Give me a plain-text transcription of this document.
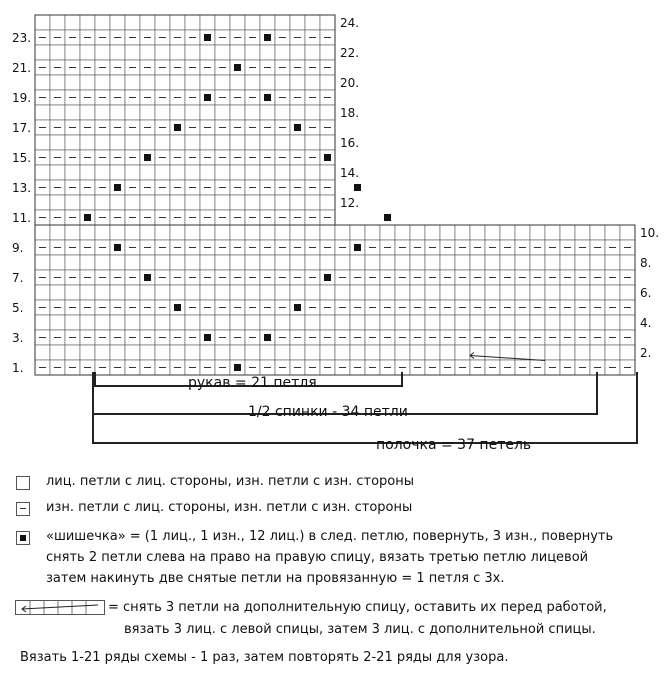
1.
3.
5.
7.
9.
11.
13.
15.
17.
19.
21.
23.
12.
14.
16.
18.
20.
22.
24.
2.
4.
6.
8.
10.
рукав = 21 петля
1/2 спинки - 34 петли
полочка = 37 петель
лиц. петли с лиц. стороны, изн. петли с изн. стороны
изн. петли с лиц. стороны, изн. петли с изн. стороны
«шишечка» = (1 лиц., 1 изн., 12 лиц.) в след. петлю, повернуть, 3 изн., повернуть
снять 2 петли слева на право на правую спицу, вязать третью петлю лицевой
затем накинуть две снятые петли на провязанную = 1 петля с 3х.
= снять 3 петли на дополнительную спицу, оставить их перед работой,
вязать 3 лиц. с левой спицы, затем 3 лиц. с дополнительной спицы.
Вязать 1-21 ряды схемы - 1 раз, затем повторять 2-21 ряды для узора.
